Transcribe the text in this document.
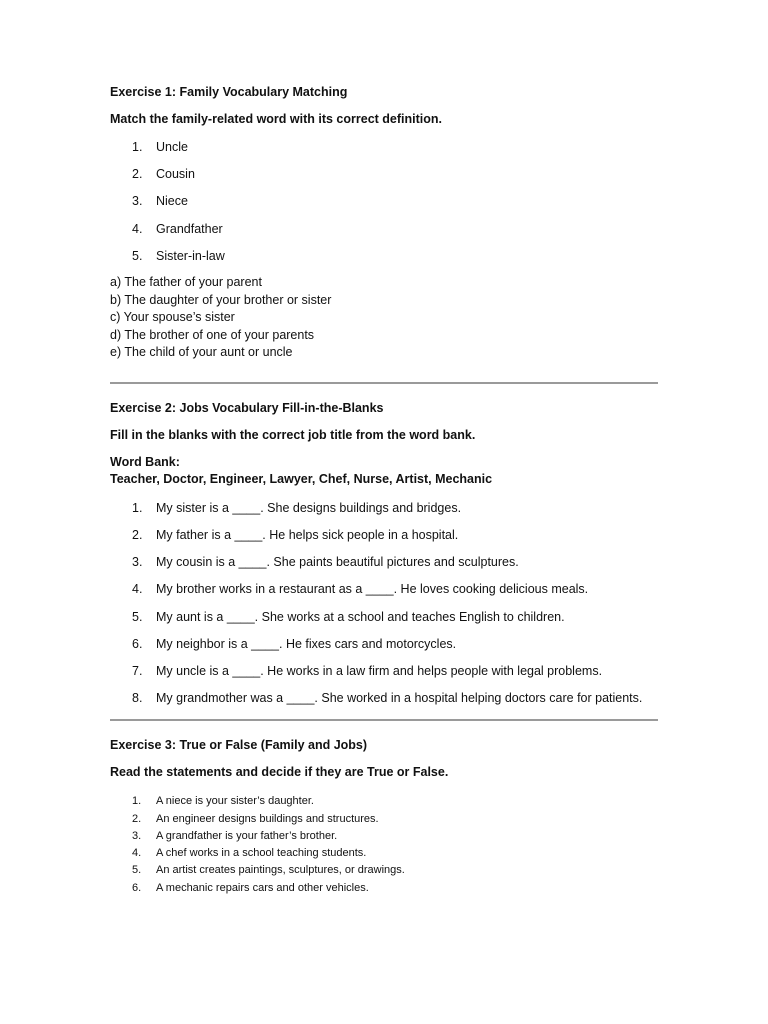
Exercise 1: Family Vocabulary Matching

Match the family-related word with its correct definition.

1.	Uncle
2.	Cousin
3.	Niece
4.	Grandfather
5.	Sister-in-law
a) The father of your parent
b) The daughter of your brother or sister
c) Your spouse’s sister
d) The brother of one of your parents
e) The child of your aunt or uncle

Exercise 2: Jobs Vocabulary Fill-in-the-Blanks

Fill in the blanks with the correct job title from the word bank.

Word Bank:

Teacher, Doctor, Engineer, Lawyer, Chef, Nurse, Artist, Mechanic

1.	My sister is a ____. She designs buildings and bridges.
2.	My father is a ____. He helps sick people in a hospital.
3.	My cousin is a ____. She paints beautiful pictures and sculptures.
4.	My brother works in a restaurant as a ____. He loves cooking delicious meals.
5.	My aunt is a ____. She works at a school and teaches English to children.
6.	My neighbor is a ____. He fixes cars and motorcycles.
7.	My uncle is a ____. He works in a law firm and helps people with legal problems.
8.	My grandmother was a ____. She worked in a hospital helping doctors care for patients.

Exercise 3: True or False (Family and Jobs)

Read the statements and decide if they are True or False.

1.	A niece is your sister’s daughter.
2.	An engineer designs buildings and structures.
3.	A grandfather is your father’s brother.
4.	A chef works in a school teaching students.
5.	An artist creates paintings, sculptures, or drawings.
6.	A mechanic repairs cars and other vehicles.
